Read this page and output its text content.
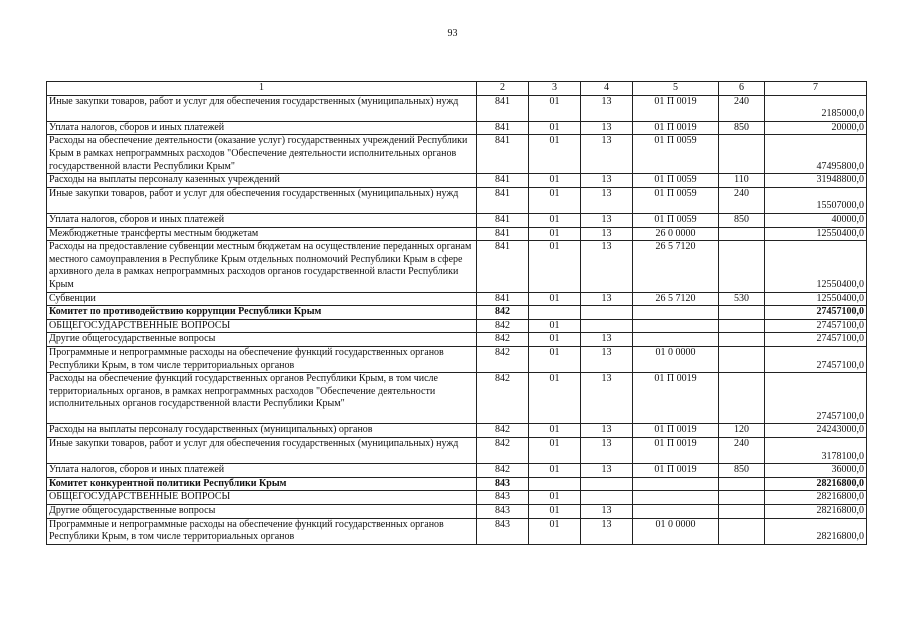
93
1	2	3	4	5	6	7
Иные закупки товаров, работ и услуг для обеспечения государственных (муниципальных) нужд	841	01	13	01 П 0019	240	2185000,0
Уплата налогов, сборов и иных платежей	841	01	13	01 П 0019	850	20000,0
Расходы на обеспечение деятельности (оказание услуг) государственных учреждений Республики Крым в рамках непрограммных расходов "Обеспечение деятельности исполнительных органов государственной власти Республики Крым"	841	01	13	01 П 0059		47495800,0
Расходы на выплаты персоналу казенных учреждений	841	01	13	01 П 0059	110	31948800,0
Иные закупки товаров, работ и услуг для обеспечения государственных (муниципальных) нужд	841	01	13	01 П 0059	240	15507000,0
Уплата налогов, сборов и иных платежей	841	01	13	01 П 0059	850	40000,0
Межбюджетные трансферты местным бюджетам	841	01	13	26 0 0000		12550400,0
Расходы на предоставление субвенции местным бюджетам на осуществление переданных органам местного самоуправления в Республике Крым отдельных полномочий Республики Крым в сфере архивного дела в рамках непрограммных расходов органов государственной власти Республики Крым	841	01	13	26 5 7120		12550400,0
Субвенции	841	01	13	26 5 7120	530	12550400,0
Комитет по противодействию коррупции Республики Крым	842					27457100,0
ОБЩЕГОСУДАРСТВЕННЫЕ ВОПРОСЫ	842	01				27457100,0
Другие общегосударственные вопросы	842	01	13			27457100,0
Программные и непрограммные расходы на обеспечение функций государственных органов Республики Крым, в том числе территориальных органов	842	01	13	01 0 0000		27457100,0
Расходы на обеспечение функций государственных органов Республики Крым, в том числе территориальных органов, в рамках непрограммных расходов "Обеспечение деятельности исполнительных органов государственной власти Республики Крым"	842	01	13	01 П 0019		27457100,0
Расходы на выплаты персоналу государственных (муниципальных) органов	842	01	13	01 П 0019	120	24243000,0
Иные закупки товаров, работ и услуг для обеспечения государственных (муниципальных) нужд	842	01	13	01 П 0019	240	3178100,0
Уплата налогов, сборов и иных платежей	842	01	13	01 П 0019	850	36000,0
Комитет конкурентной политики Республики Крым	843					28216800,0
ОБЩЕГОСУДАРСТВЕННЫЕ ВОПРОСЫ	843	01				28216800,0
Другие общегосударственные вопросы	843	01	13			28216800,0
Программные и непрограммные расходы на обеспечение функций государственных органов Республики Крым, в том числе территориальных органов	843	01	13	01 0 0000		28216800,0
